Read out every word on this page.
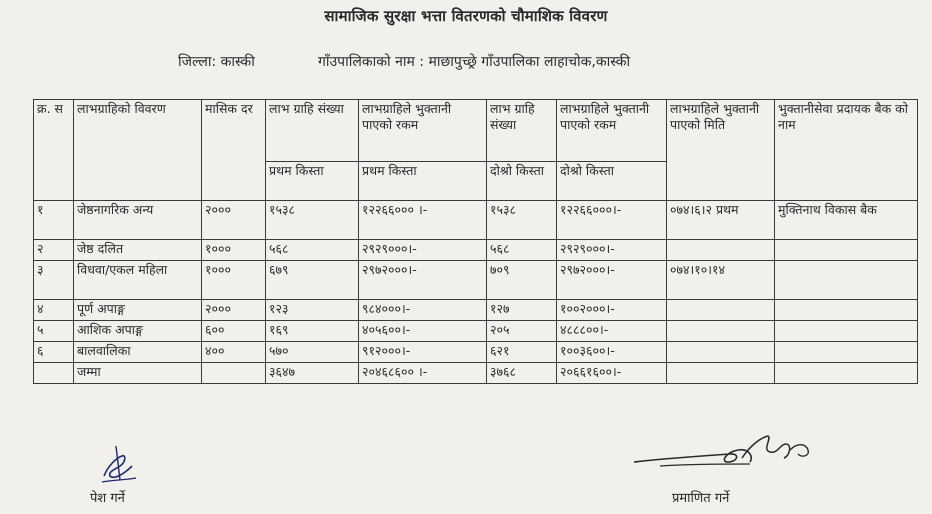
सामाजिक सुरक्षा भत्ता वितरणको चौमाशिक विवरण
जिल्ला: कास्की	गाँउपालिकाको नाम : माछापुच्छ्रे गाँउपालिका लाहाचोक,कास्की
क्र. स	लाभग्राहिको विवरण	मासिक दर	लाभ ग्राहि संख्या	लाभग्राहिले भुक्तानी पाएको रकम	लाभ ग्राहि संख्या	लाभग्राहिले भुक्तानी पाएको रकम	लाभग्राहिले भुक्तानी पाएको मिति	भुक्तानीसेवा प्रदायक बैक को नाम
			प्रथम किस्ता	प्रथम किस्ता	दोश्रो किस्ता	दोश्रो किस्ता		
१	जेष्ठनागरिक अन्य	२०००	१५३८	१२२६६००० ।-	१५३८	१२२६६०००।-	०७४।६।२ प्रथम	मुक्तिनाथ विकास बैक
२	जेष्ठ दलित	१०००	५६८	२९२९०००।-	५६८	२९२९०००।-		
३	विधवा/एकल महिला	१०००	६७९	२९७२०००।-	७०९	२९७२०००।-	०७४।१०।१४	
४	पूर्ण अपाङ्ग	२०००	१२३	९८४०००।-	१२७	१००२०००।-		
५	आशिक अपाङ्ग	६००	१६९	४०५६००।-	२०५	४८८८००।-		
६	बालवालिका	४००	५७०	९१२०००।-	६२१	१००३६००।-		
	जम्मा		३६४७	२०४६८६०० ।-	३७६८	२०६६१६००।-		
पेश गर्ने	प्रमाणित गर्ने
